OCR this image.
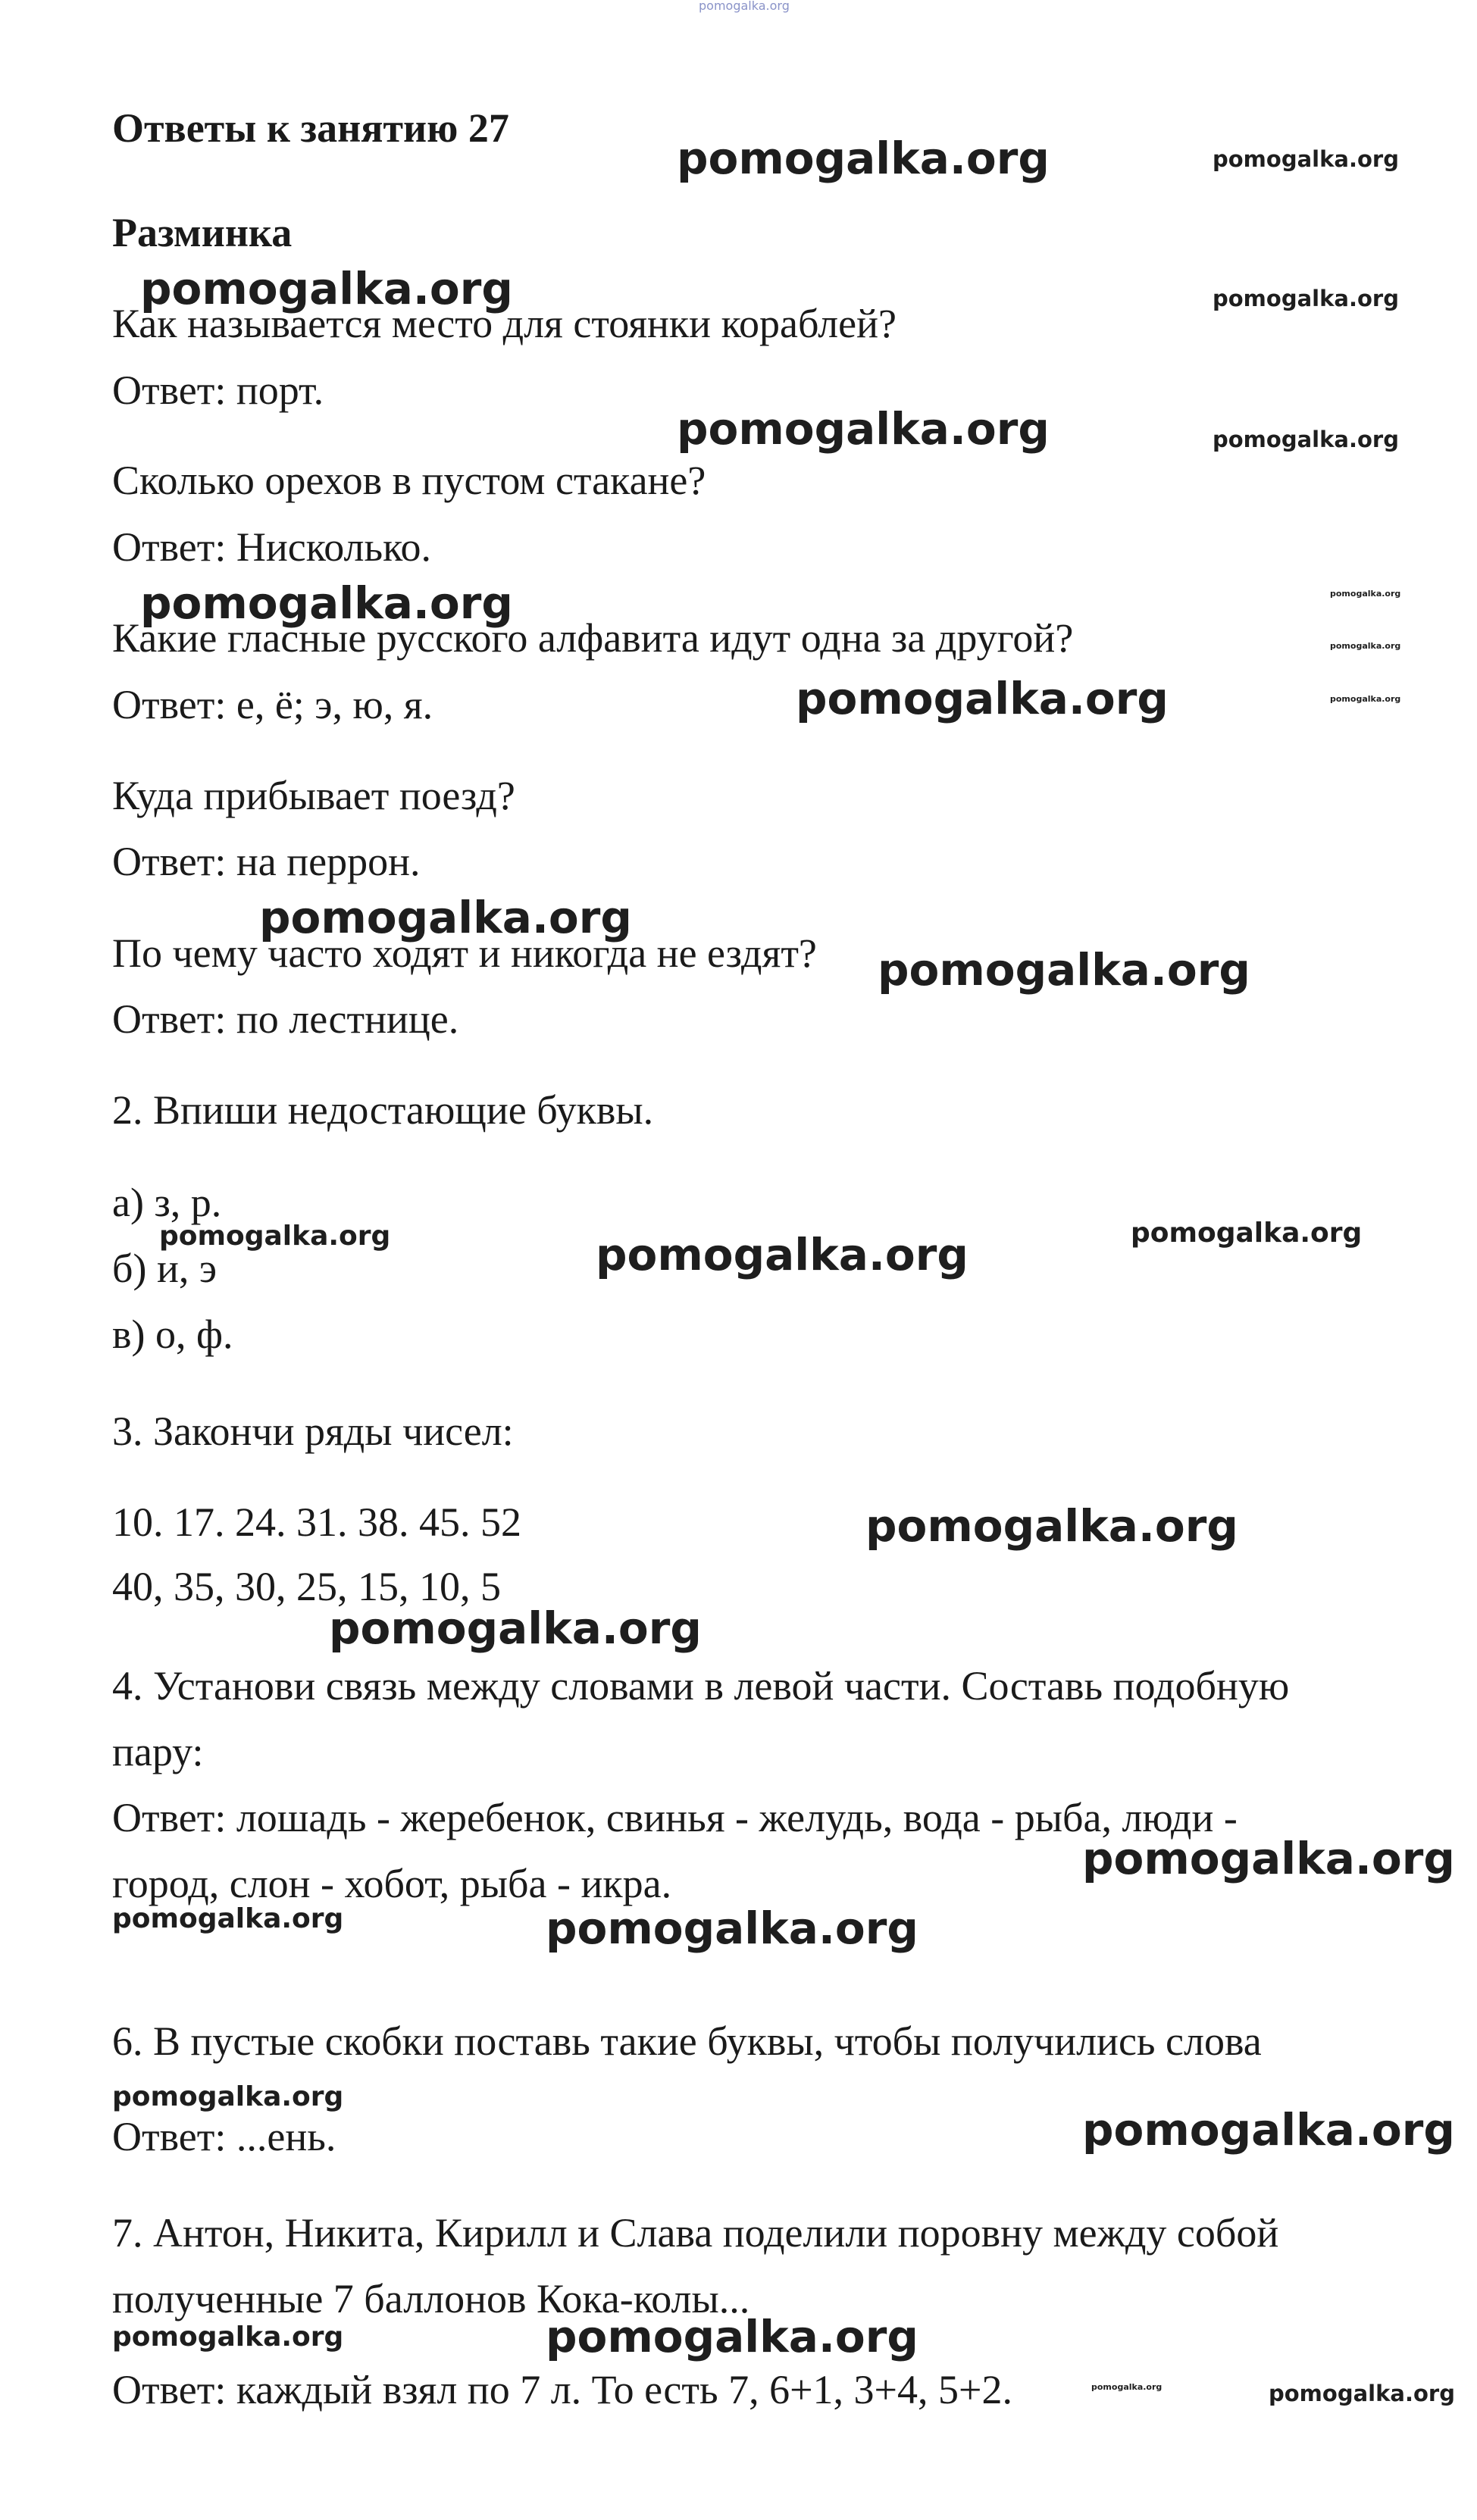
pomogalka.org
Ответы к занятию 27
Разминка
Как называется место для стоянки кораблей?
Ответ: порт.
Сколько орехов в пустом стакане?
Ответ: Нисколько.
Какие гласные русского алфавита идут одна за другой?
Ответ: е, ё; э, ю, я.
Куда прибывает поезд?
Ответ: на перрон.
По чему часто ходят и никогда не ездят?
Ответ: по лестнице.
2. Впиши недостающие буквы.
а) з, р.
б) и, э
в) о, ф.
3. Закончи ряды чисел:
10. 17. 24. 31. 38. 45. 52
40, 35, 30, 25, 15, 10, 5
4. Установи связь между словами в левой части. Составь подобную
пару:
Ответ: лошадь - жеребенок, свинья - желудь, вода - рыба, люди -
город, слон - хобот, рыба - икра.
6. В пустые скобки поставь такие буквы, чтобы получились слова
Ответ: ...ень.
7. Антон, Никита, Кирилл и Слава поделили поровну между собой
полученные 7 баллонов Кока-колы...
Ответ: каждый взял по 7 л. То есть 7, 6+1, 3+4, 5+2.
pomogalka.org	pomogalka.org
pomogalka.org	pomogalka.org
pomogalka.org	pomogalka.org
pomogalka.org	pomogalka.org
pomogalka.org
pomogalka.org	pomogalka.org
pomogalka.org
pomogalka.org
pomogalka.org	pomogalka.org	pomogalka.org
pomogalka.org
pomogalka.org
pomogalka.org
pomogalka.org	pomogalka.org
pomogalka.org
pomogalka.org
pomogalka.org	pomogalka.org
pomogalka.org	pomogalka.org
